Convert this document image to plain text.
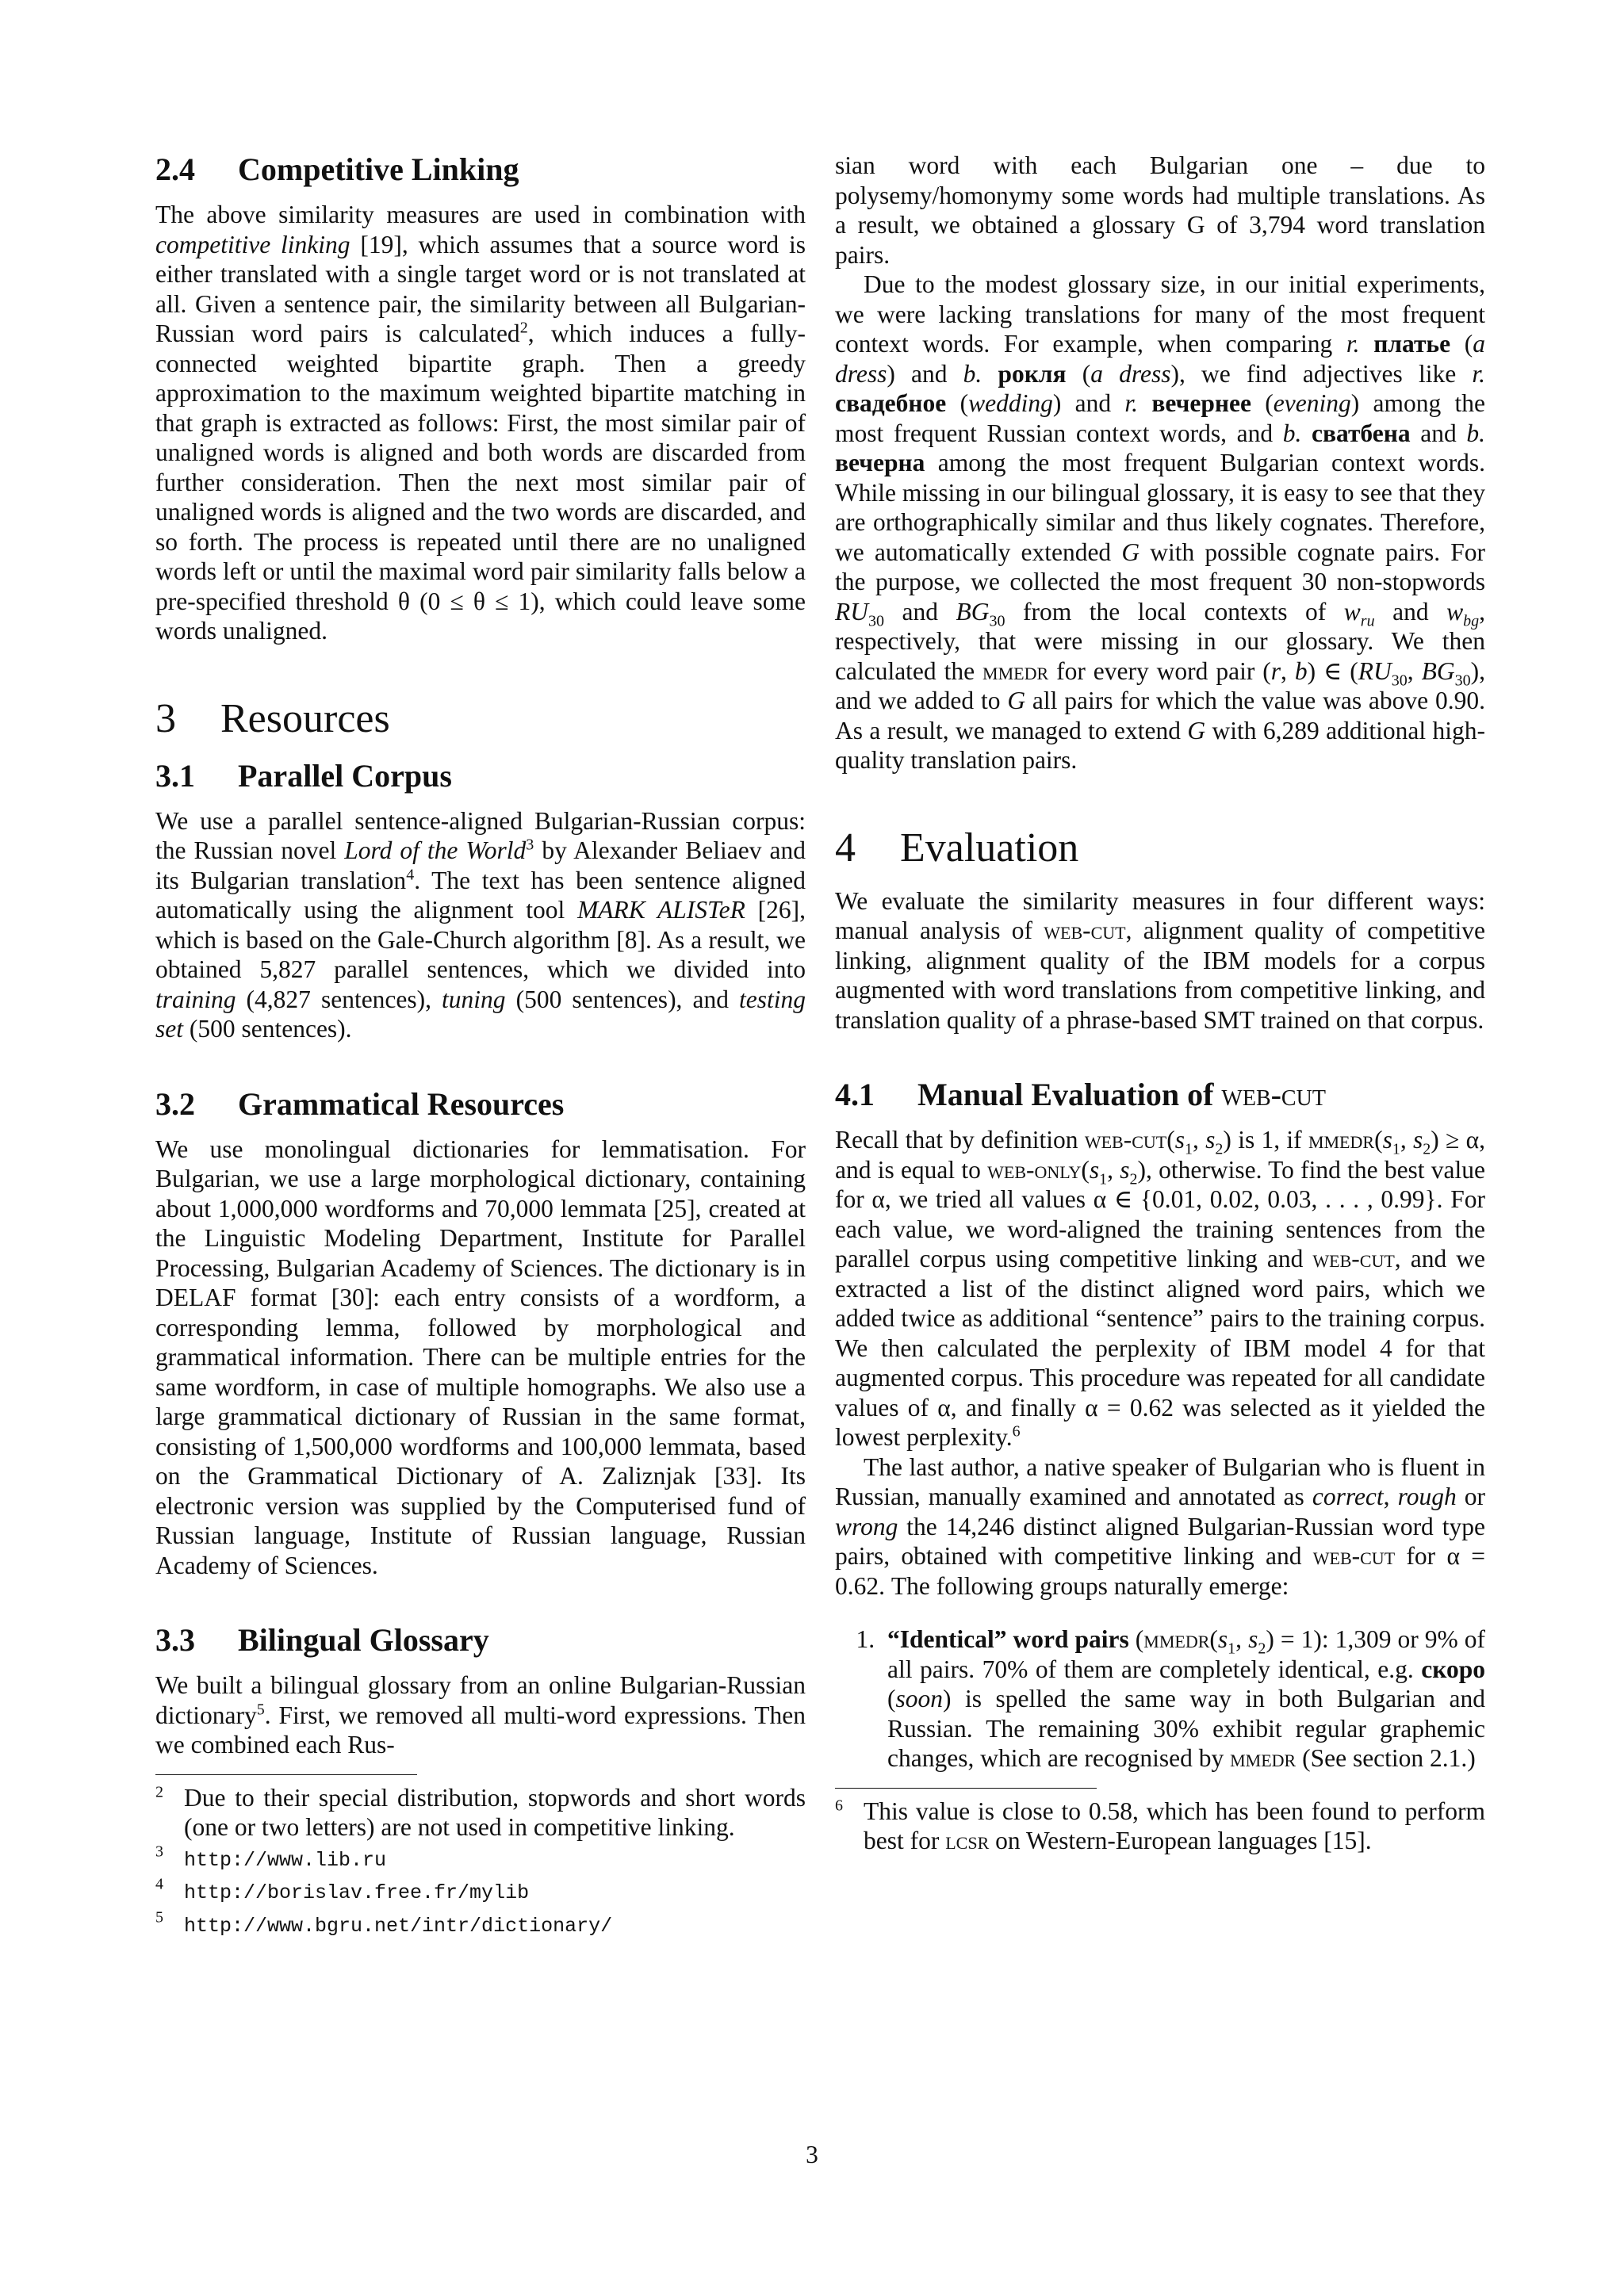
2.4 Competitive Linking

The above similarity measures are used in combination with competitive linking [19], which assumes that a source word is either translated with a single target word or is not translated at all. Given a sentence pair, the similarity between all Bulgarian-Russian word pairs is calculated$^2$, which induces a fully-connected weighted bipartite graph. Then a greedy approximation to the maximum weighted bipartite matching in that graph is extracted as follows: First, the most similar pair of unaligned words is aligned and both words are discarded from further consideration. Then the next most similar pair of unaligned words is aligned and the two words are discarded, and so forth. The process is repeated until there are no unaligned words left or until the maximal word pair similarity falls below a pre-specified threshold θ (0 ≤ θ ≤ 1), which could leave some words unaligned.

3 Resources
3.1 Parallel Corpus

We use a parallel sentence-aligned Bulgarian-Russian corpus: the Russian novel Lord of the World$^3$ by Alexander Beliaev and its Bulgarian translation$^4$. The text has been sentence aligned automatically using the alignment tool MARK ALISTeR [26], which is based on the Gale-Church algorithm [8]. As a result, we obtained 5,827 parallel sentences, which we divided into training (4,827 sentences), tuning (500 sentences), and testing set (500 sentences).

3.2 Grammatical Resources

We use monolingual dictionaries for lemmatisation. For Bulgarian, we use a large morphological dictionary, containing about 1,000,000 wordforms and 70,000 lemmata [25], created at the Linguistic Modeling Department, Institute for Parallel Processing, Bulgarian Academy of Sciences. The dictionary is in DELAF format [30]: each entry consists of a wordform, a corresponding lemma, followed by morphological and grammatical information. There can be multiple entries for the same wordform, in case of multiple homographs. We also use a large grammatical dictionary of Russian in the same format, consisting of 1,500,000 wordforms and 100,000 lemmata, based on the Grammatical Dictionary of A. Zaliznjak [33]. Its electronic version was supplied by the Computerised fund of Russian language, Institute of Russian language, Russian Academy of Sciences.

3.3 Bilingual Glossary

We built a bilingual glossary from an online Bulgarian-Russian dictionary$^5$. First, we removed all multi-word expressions. Then we combined each Rus-

$^2$ Due to their special distribution, stopwords and short words (one or two letters) are not used in competitive linking.

$^3$ http://www.lib.ru

$^4$ http://borislav.free.fr/mylib

$^5$ http://www.bgru.net/intr/dictionary/

sian word with each Bulgarian one – due to polysemy/homonymy some words had multiple translations. As a result, we obtained a glossary G of 3,794 word translation pairs.

Due to the modest glossary size, in our initial experiments, we were lacking translations for many of the most frequent context words. For example, when comparing r. платье (a dress) and b. рокля (a dress), we find adjectives like r. свадебное (wedding) and r. вечернее (evening) among the most frequent Russian context words, and b. сватбена and b. вечерна among the most frequent Bulgarian context words. While missing in our bilingual glossary, it is easy to see that they are orthographically similar and thus likely cognates. Therefore, we automatically extended G with possible cognate pairs. For the purpose, we collected the most frequent 30 non-stopwords $RU_{30}$ and $BG_{30}$ from the local contexts of $w_{ru}$ and $w_{bg}$, respectively, that were missing in our glossary. We then calculated the mmedr for every word pair (r, b) ∈ ($RU_{30}$, $BG_{30}$), and we added to G all pairs for which the value was above 0.90. As a result, we managed to extend G with 6,289 additional high-quality translation pairs.

4 Evaluation

We evaluate the similarity measures in four different ways: manual analysis of web-cut, alignment quality of competitive linking, alignment quality of the IBM models for a corpus augmented with word translations from competitive linking, and translation quality of a phrase-based SMT trained on that corpus.

4.1 Manual Evaluation of web-cut

Recall that by definition web-$cut(s_1$, $s_2$) is 1, if $mmedr(s_1$, $s_2) \ge \alpha$, and is equal to web-$only(s_1$, $s_2$), otherwise. To find the best value for α, we tried all values α ∈ {0.01, 0.02, 0.03, . . . , 0.99}. For each value, we word-aligned the training sentences from the parallel corpus using competitive linking and web-cut, and we extracted a list of the distinct aligned word pairs, which we added twice as additional “sentence” pairs to the training corpus. We then calculated the perplexity of IBM model 4 for that augmented corpus. This procedure was repeated for all candidate values of α, and finally α = 0.62 was selected as it yielded the lowest perplexity.$^6$

The last author, a native speaker of Bulgarian who is fluent in Russian, manually examined and annotated as correct, rough or wrong the 14,246 distinct aligned Bulgarian-Russian word type pairs, obtained with competitive linking and web-cut for α = 0.62. The following groups naturally emerge:

1. “Identical” word pairs ($mmedr(s_1$, $s_2) = 1$): 1,309 or 9% of all pairs. 70% of them are completely identical, e.g. скоро (soon) is spelled the same way in both Bulgarian and Russian. The remaining 30% exhibit regular graphemic changes, which are recognised by mmedr (See section 2.1.)

$^6$ This value is close to 0.58, which has been found to perform best for lcsr on Western-European languages [15].

3
